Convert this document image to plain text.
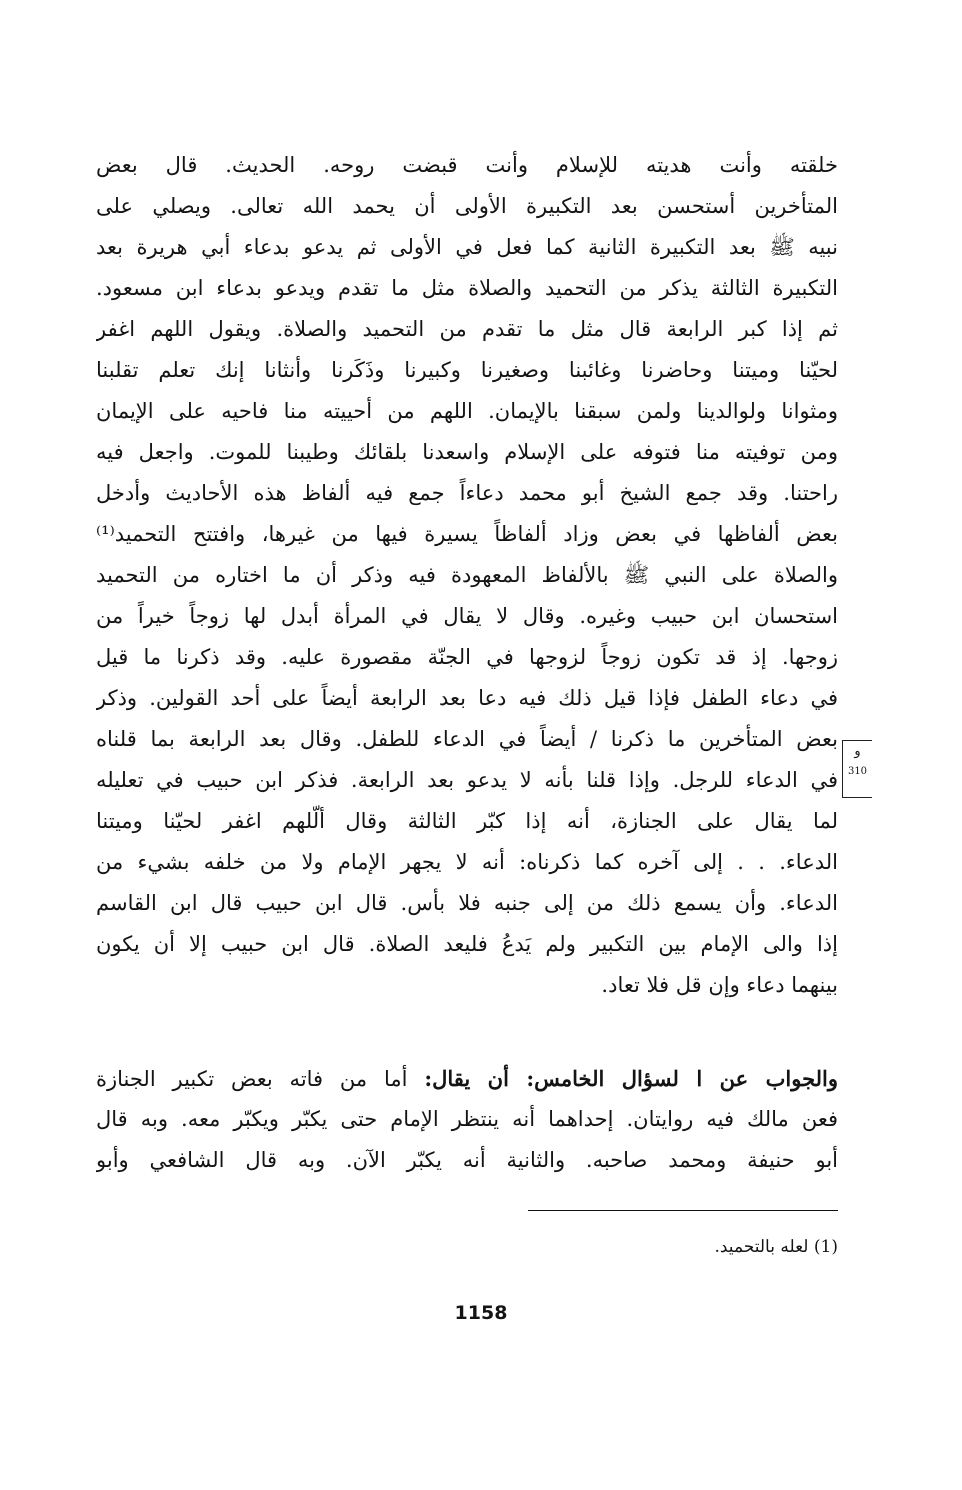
خلقته وأنت هديته للإسلام وأنت قبضت روحه. الحديث. قال بعض
المتأخرين أستحسن بعد التكبيرة الأولى أن يحمد الله تعالى. ويصلي على
نبيه ﷺ بعد التكبيرة الثانية كما فعل في الأولى ثم يدعو بدعاء أبي هريرة بعد
التكبيرة الثالثة يذكر من التحميد والصلاة مثل ما تقدم ويدعو بدعاء ابن مسعود.
ثم إذا كبر الرابعة قال مثل ما تقدم من التحميد والصلاة. ويقول اللهم اغفر
لحيّنا وميتنا وحاضرنا وغائبنا وصغيرنا وكبيرنا وذَكَرنا وأنثانا إنك تعلم تقلبنا
ومثوانا ولوالدينا ولمن سبقنا بالإيمان. اللهم من أحييته منا فاحيه على الإيمان
ومن توفيته منا فتوفه على الإسلام واسعدنا بلقائك وطيبنا للموت. واجعل فيه
راحتنا. وقد جمع الشيخ أبو محمد دعاءاً جمع فيه ألفاظ هذه الأحاديث وأدخل
بعض ألفاظها في بعض وزاد ألفاظاً يسيرة فيها من غيرها، وافتتح التحميد⁽¹⁾
والصلاة على النبي ﷺ بالألفاظ المعهودة فيه وذكر أن ما اختاره من التحميد
استحسان ابن حبيب وغيره. وقال لا يقال في المرأة أبدل لها زوجاً خيراً من
زوجها. إذ قد تكون زوجاً لزوجها في الجنّة مقصورة عليه. وقد ذكرنا ما قيل
في دعاء الطفل فإذا قيل ذلك فيه دعا بعد الرابعة أيضاً على أحد القولين. وذكر
بعض المتأخرين ما ذكرنا / أيضاً في الدعاء للطفل. وقال بعد الرابعة بما قلناه
في الدعاء للرجل. وإذا قلنا بأنه لا يدعو بعد الرابعة. فذكر ابن حبيب في تعليله
لما يقال على الجنازة، أنه إذا كبّر الثالثة وقال ألّلهم اغفر لحيّنا وميتنا
الدعاء. . . إلى آخره كما ذكرناه: أنه لا يجهر الإمام ولا من خلفه بشيء من
الدعاء. وأن يسمع ذلك من إلى جنبه فلا بأس. قال ابن حبيب قال ابن القاسم
إذا والى الإمام بين التكبير ولم يَدعُ فليعد الصلاة. قال ابن حبيب إلا أن يكون
بينهما دعاء وإن قل فلا تعاد.
و
310
والجواب عن ا لسؤال الخامس: أن يقال: أما من فاته بعض تكبير الجنازة
فعن مالك فيه روايتان. إحداهما أنه ينتظر الإمام حتى يكبّر ويكبّر معه. وبه قال
أبو حنيفة ومحمد صاحبه. والثانية أنه يكبّر الآن. وبه قال الشافعي وأبو
(1) لعله بالتحميد.
1158
